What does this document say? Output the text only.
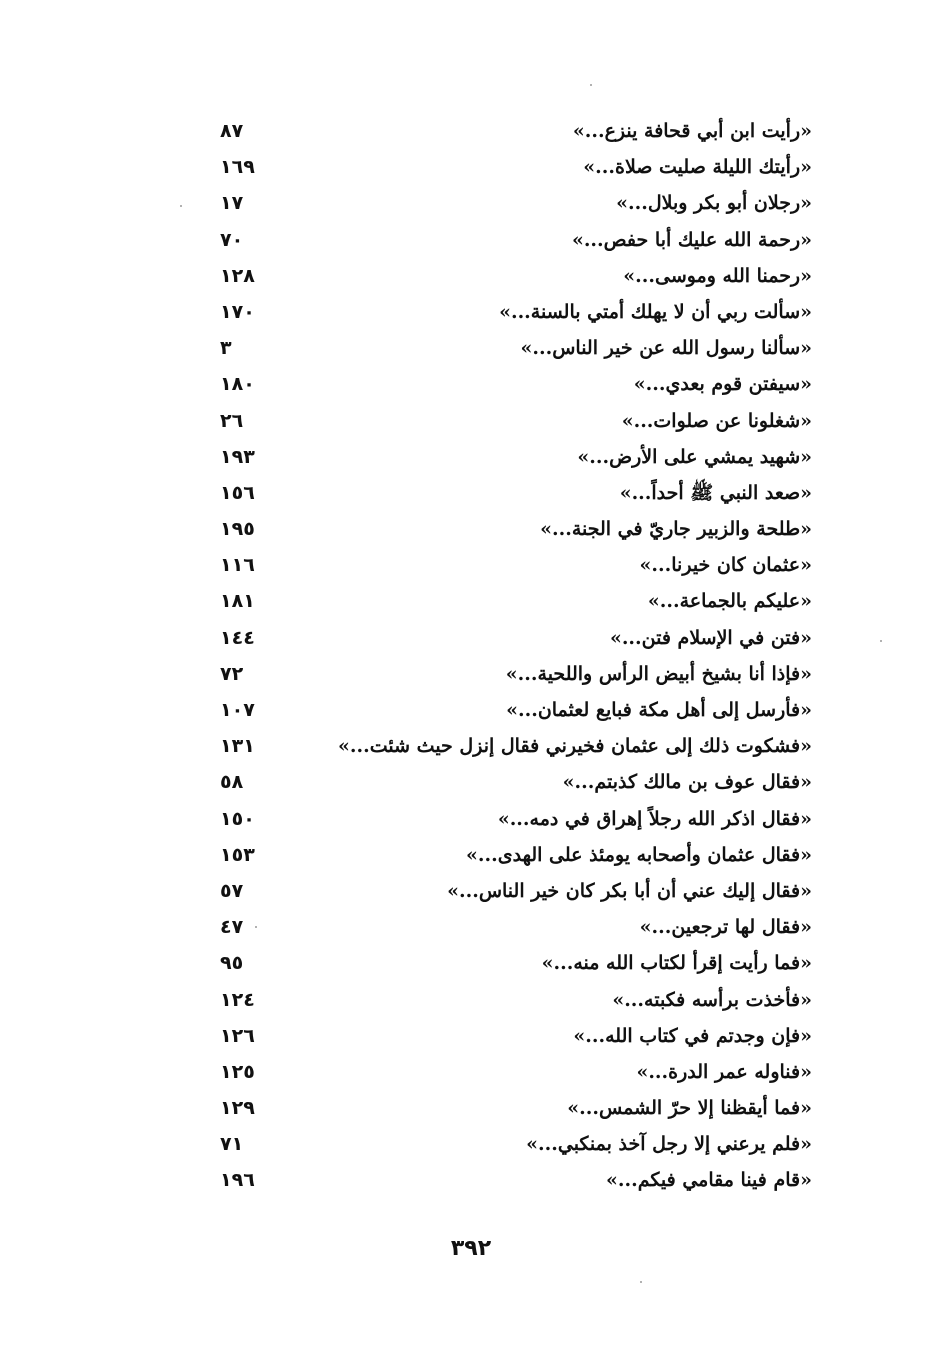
«رأيت ابن أبي قحافة ينزع...»
٨٧
«رأيتك الليلة صليت صلاة...»
١٦٩
«رجلان أبو بكر وبلال...»
١٧
«رحمة الله عليك أبا حفص...»
٧٠
«رحمنا الله وموسى...»
١٢٨
«سألت ربي أن لا يهلك أمتي بالسنة...»
١٧٠
«سألنا رسول الله عن خير الناس...»
٣
«سيفتن قوم بعدي...»
١٨٠
«شغلونا عن صلوات...»
٢٦
«شهيد يمشي على الأرض...»
١٩٣
«صعد النبي ﷺ أحداً...»
١٥٦
«طلحة والزبير جاريّ في الجنة...»
١٩٥
«عثمان كان خيرنا...»
١١٦
«عليكم بالجماعة...»
١٨١
«فتن في الإسلام فتن...»
١٤٤
«فإذا أنا بشيخ أبيض الرأس واللحية...»
٧٢
«فأرسل إلى أهل مكة فبايع لعثمان...»
١٠٧
«فشكوت ذلك إلى عثمان فخيرني فقال إنزل حيث شئت...»
١٣١
«فقال عوف بن مالك كذبتم...»
٥٨
«فقال اذكر الله رجلاً إهراق في دمه...»
١٥٠
«فقال عثمان وأصحابه يومئذ على الهدى...»
١٥٣
«فقال إليك عني أن أبا بكر كان خير الناس...»
٥٧
«فقال لها ترجعين...»
٤٧
«فما رأيت إقرأ لكتاب الله منه...»
٩٥
«فأخذت برأسه فكبته...»
١٢٤
«فإن وجدتم في كتاب الله...»
١٢٦
«فناوله عمر الدرة...»
١٢٥
«فما أيقظنا إلا حرّ الشمس...»
١٢٩
«فلم يرعني إلا رجل آخذ بمنكبي...»
٧١
«قام فينا مقامي فيكم...»
١٩٦
٣٩٢
